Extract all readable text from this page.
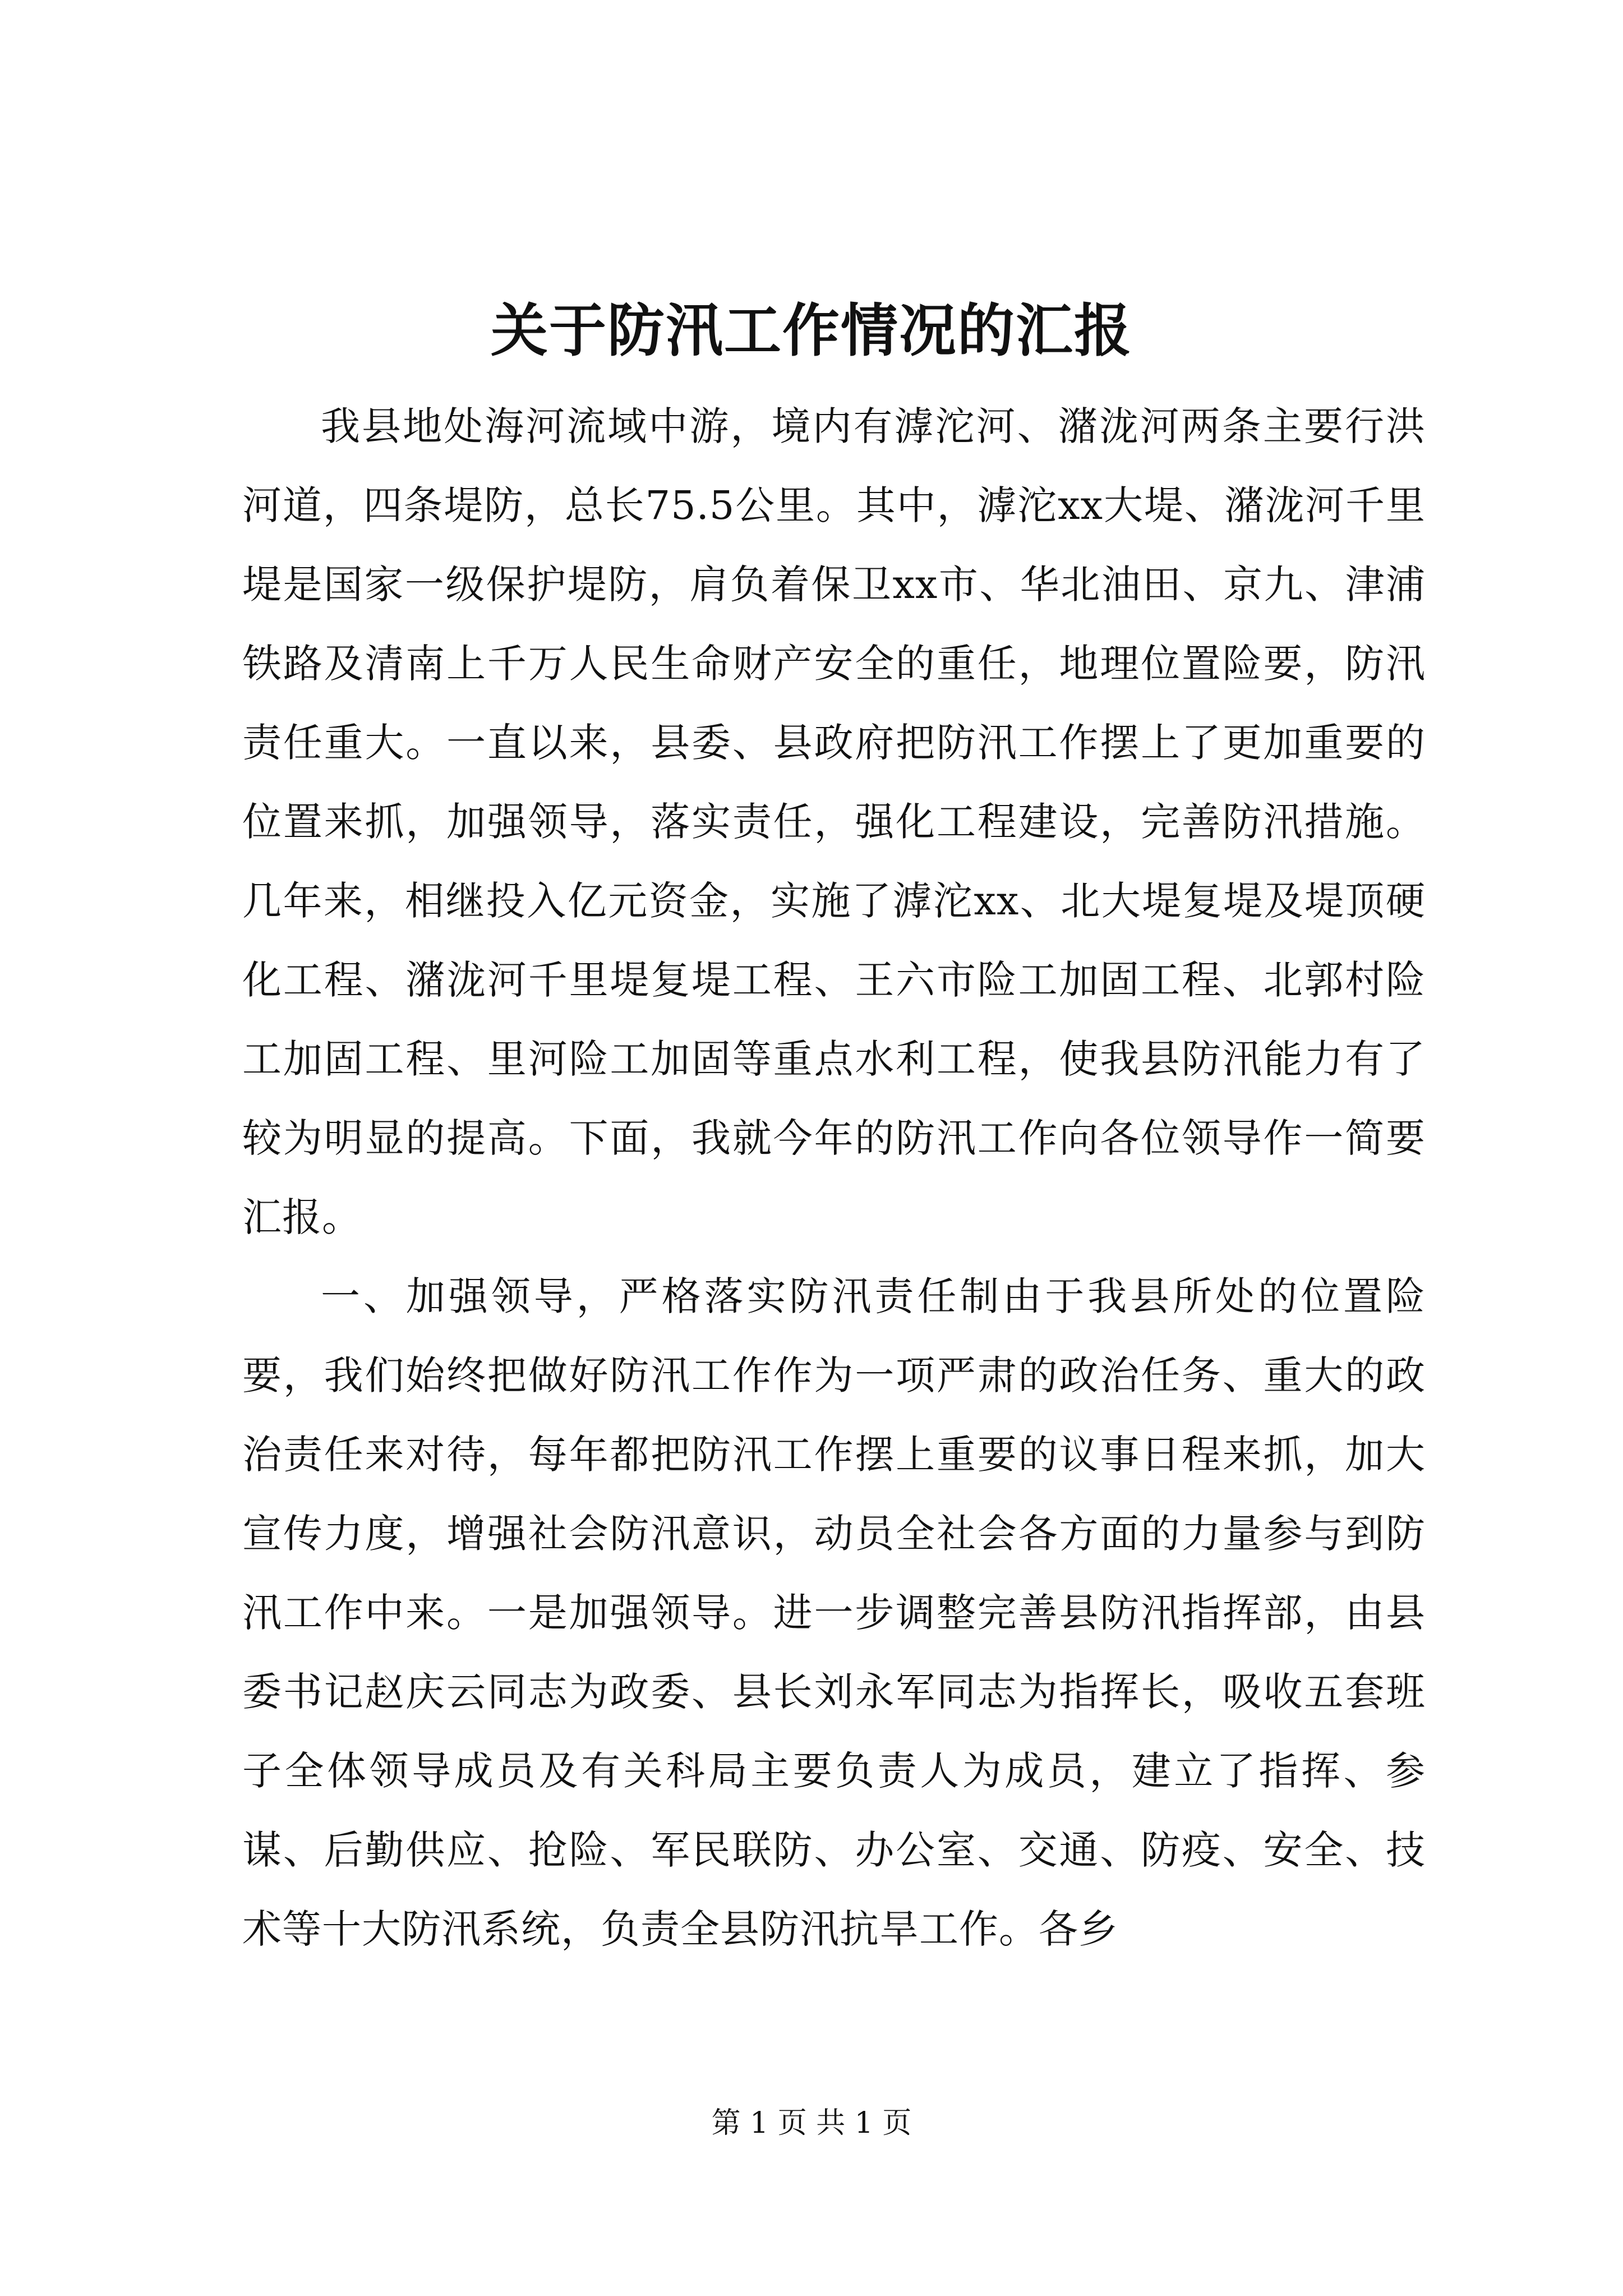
关于防汛工作情况的汇报

我县地处海河流域中游，境内有滹沱河、潴泷河两条主要行洪河道，四条堤防，总长75.5公里。其中，滹沱xx大堤、潴泷河千里堤是国家一级保护堤防，肩负着保卫xx市、华北油田、京九、津浦铁路及清南上千万人民生命财产安全的重任，地理位置险要，防汛责任重大。一直以来，县委、县政府把防汛工作摆上了更加重要的位置来抓，加强领导，落实责任，强化工程建设，完善防汛措施。几年来，相继投入亿元资金，实施了滹沱xx、北大堤复堤及堤顶硬化工程、潴泷河千里堤复堤工程、王六市险工加固工程、北郭村险工加固工程、里河险工加固等重点水利工程，使我县防汛能力有了较为明显的提高。下面，我就今年的防汛工作向各位领导作一简要汇报。

一、加强领导，严格落实防汛责任制由于我县所处的位置险要，我们始终把做好防汛工作作为一项严肃的政治任务、重大的政治责任来对待，每年都把防汛工作摆上重要的议事日程来抓，加大宣传力度，增强社会防汛意识，动员全社会各方面的力量参与到防汛工作中来。一是加强领导。进一步调整完善县防汛指挥部，由县委书记赵庆云同志为政委、县长刘永军同志为指挥长，吸收五套班子全体领导成员及有关科局主要负责人为成员，建立了指挥、参谋、后勤供应、抢险、军民联防、办公室、交通、防疫、安全、技术等十大防汛系统，负责全县防汛抗旱工作。各乡

第 1 页 共 1 页
